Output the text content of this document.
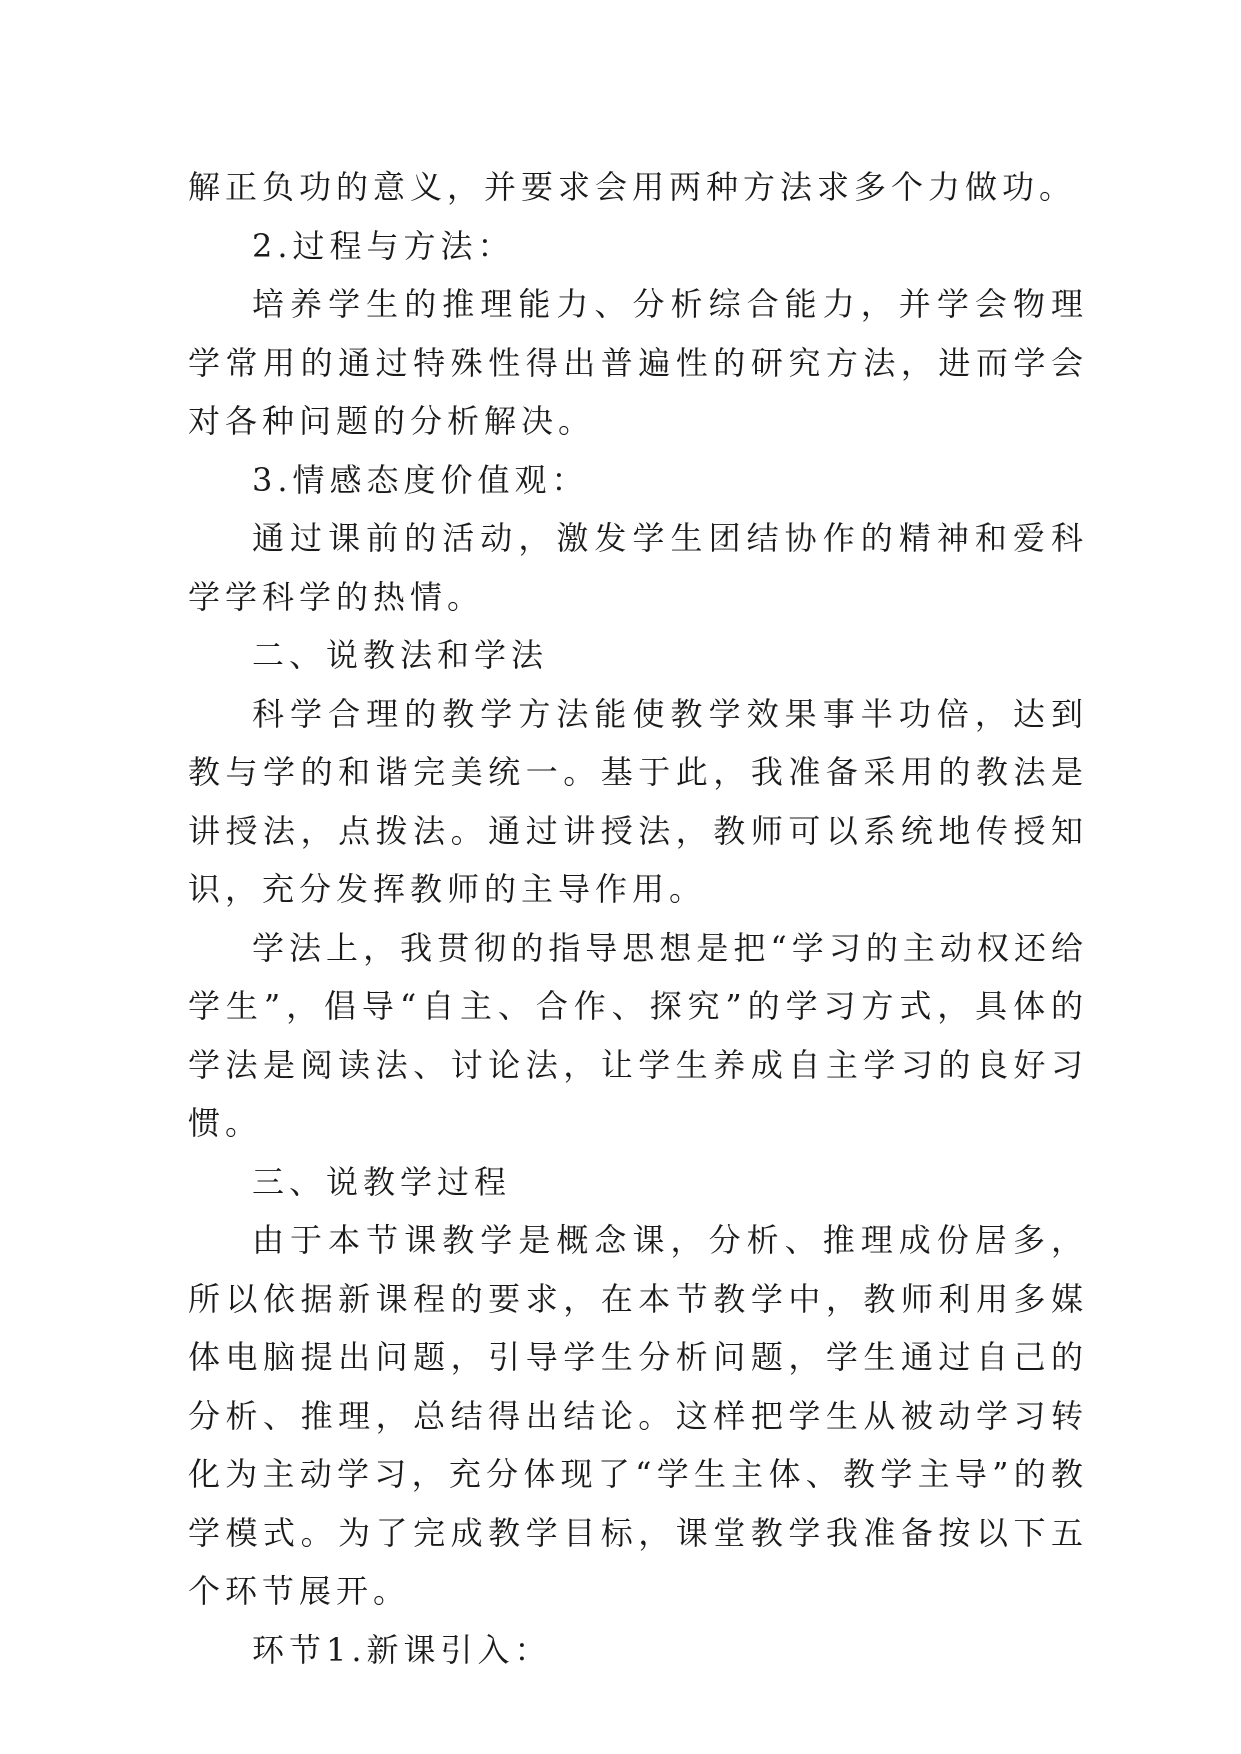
解正负功的意义，并要求会用两种方法求多个力做功。

2.过程与方法：

培养学生的推理能力、分析综合能力，并学会物理学常用的通过特殊性得出普遍性的研究方法，进而学会对各种问题的分析解决。

3.情感态度价值观：

通过课前的活动，激发学生团结协作的精神和爱科学学科学的热情。

二、说教法和学法

科学合理的教学方法能使教学效果事半功倍，达到教与学的和谐完美统一。基于此，我准备采用的教法是讲授法，点拨法。通过讲授法，教师可以系统地传授知识，充分发挥教师的主导作用。

学法上，我贯彻的指导思想是把“学习的主动权还给学生”，倡导“自主、合作、探究”的学习方式，具体的学法是阅读法、讨论法，让学生养成自主学习的良好习惯。

三、说教学过程

由于本节课教学是概念课，分析、推理成份居多，所以依据新课程的要求，在本节教学中，教师利用多媒体电脑提出问题，引导学生分析问题，学生通过自己的分析、推理，总结得出结论。这样把学生从被动学习转化为主动学习，充分体现了“学生主体、教学主导”的教学模式。为了完成教学目标，课堂教学我准备按以下五个环节展开。

环节1.新课引入：
